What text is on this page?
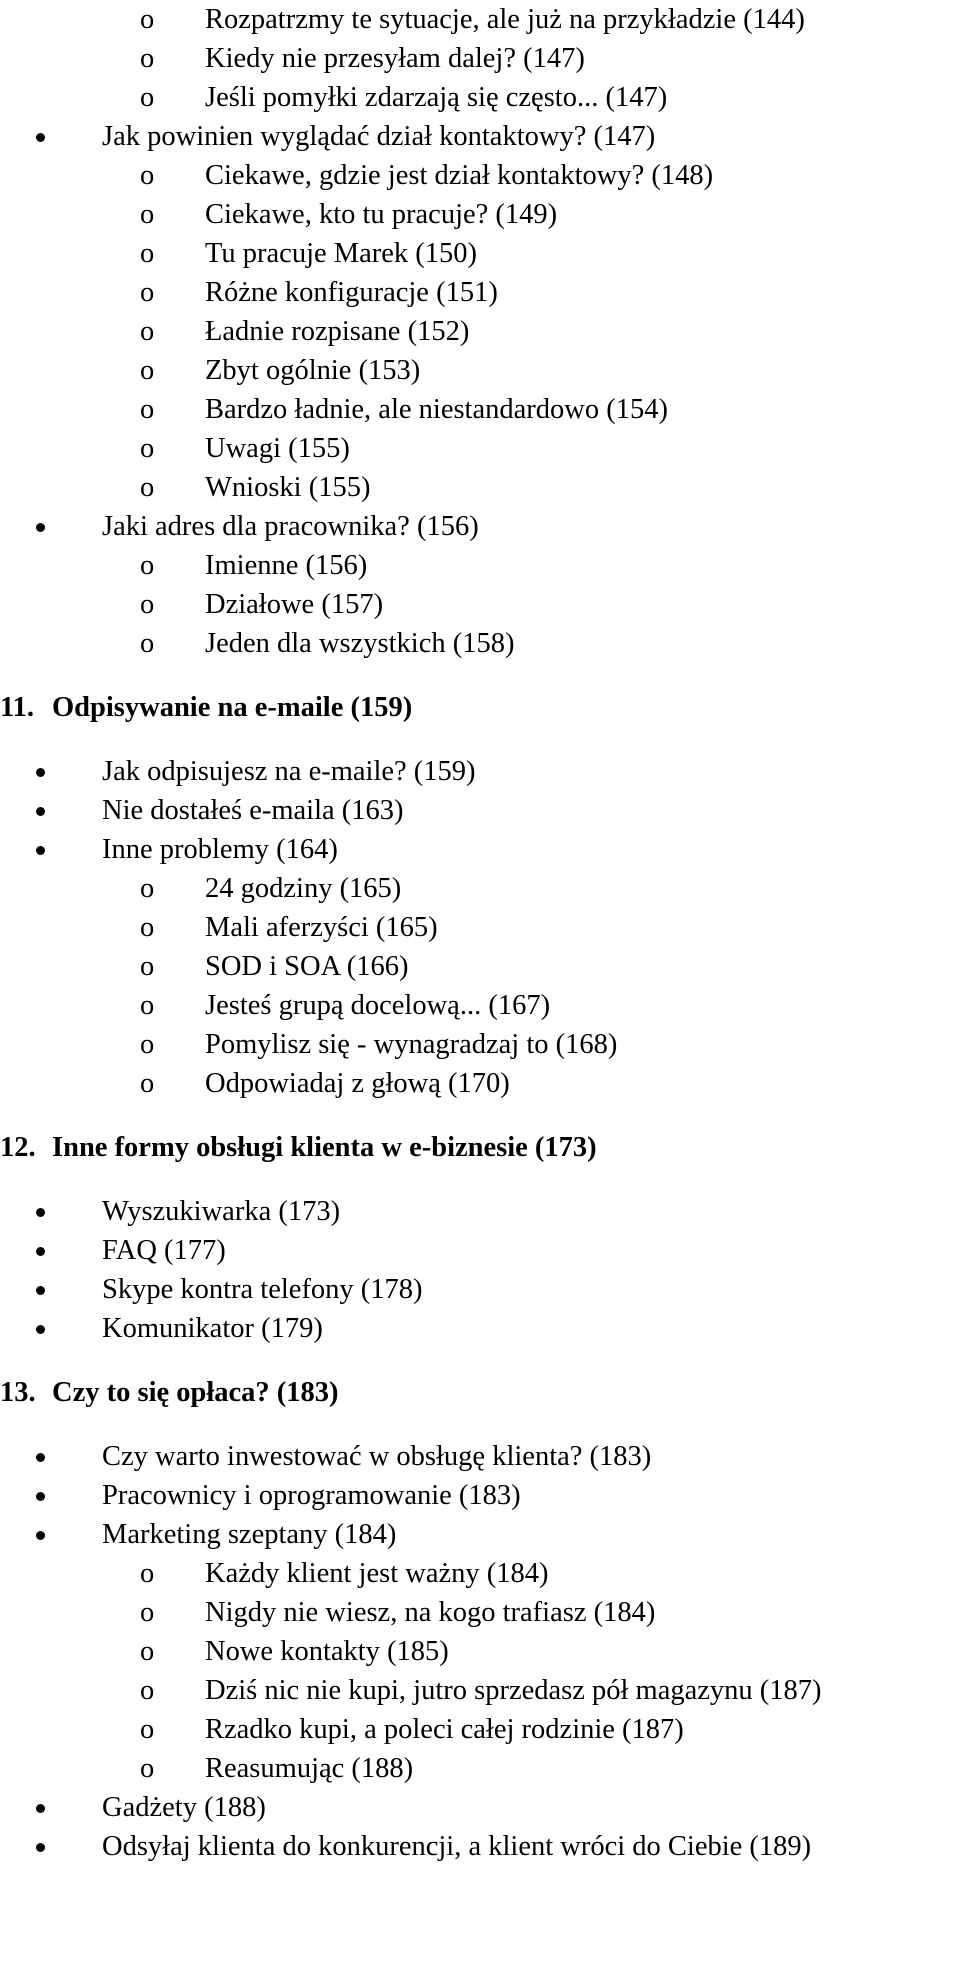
o Rozpatrzmy te sytuacje, ale już na przykładzie (144)
o Kiedy nie przesyłam dalej? (147)
o Jeśli pomyłki zdarzają się często... (147)
Jak powinien wyglądać dział kontaktowy? (147)
o Ciekawe, gdzie jest dział kontaktowy? (148)
o Ciekawe, kto tu pracuje? (149)
o Tu pracuje Marek (150)
o Różne konfiguracje (151)
o Ładnie rozpisane (152)
o Zbyt ogólnie (153)
o Bardzo ładnie, ale niestandardowo (154)
o Uwagi (155)
o Wnioski (155)
Jaki adres dla pracownika? (156)
o Imienne (156)
o Działowe (157)
o Jeden dla wszystkich (158)
11. Odpisywanie na e-maile (159)
Jak odpisujesz na e-maile? (159)
Nie dostałeś e-maila (163)
Inne problemy (164)
o 24 godziny (165)
o Mali aferzyści (165)
o SOD i SOA (166)
o Jesteś grupą docelową... (167)
o Pomylisz się - wynagradzaj to (168)
o Odpowiadaj z głową (170)
12. Inne formy obsługi klienta w e-biznesie (173)
Wyszukiwarka (173)
FAQ (177)
Skype kontra telefony (178)
Komunikator (179)
13. Czy to się opłaca? (183)
Czy warto inwestować w obsługę klienta? (183)
Pracownicy i oprogramowanie (183)
Marketing szeptany (184)
o Każdy klient jest ważny (184)
o Nigdy nie wiesz, na kogo trafiasz (184)
o Nowe kontakty (185)
o Dziś nic nie kupi, jutro sprzedasz pół magazynu (187)
o Rzadko kupi, a poleci całej rodzinie (187)
o Reasumując (188)
Gadżety (188)
Odsyłaj klienta do konkurencji, a klient wróci do Ciebie (189)
